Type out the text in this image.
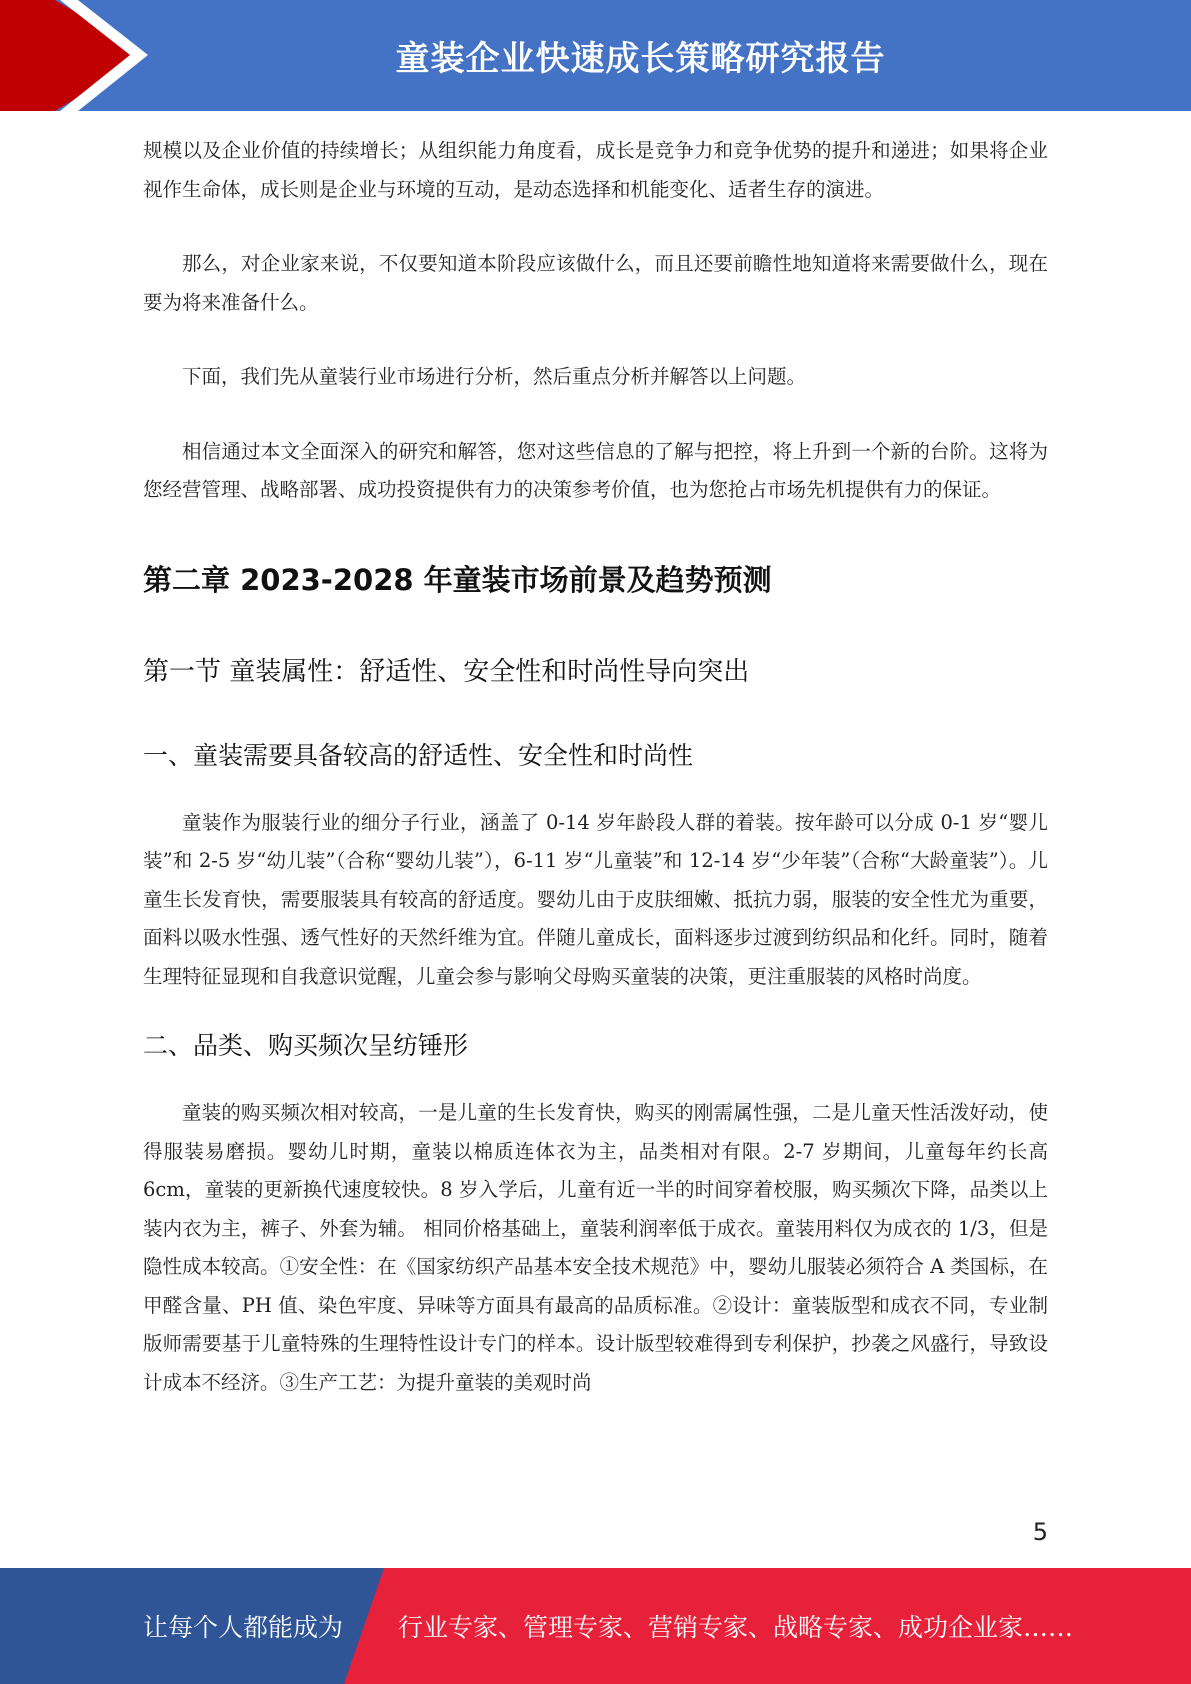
童装企业快速成长策略研究报告

规模以及企业价值的持续增长；从组织能力角度看，成长是竞争力和竞争优势的提升和递进；如果将企业视作生命体，成长则是企业与环境的互动，是动态选择和机能变化、适者生存的演进。

那么，对企业家来说，不仅要知道本阶段应该做什么，而且还要前瞻性地知道将来需要做什么，现在要为将来准备什么。

下面，我们先从童装行业市场进行分析，然后重点分析并解答以上问题。

相信通过本文全面深入的研究和解答，您对这些信息的了解与把控，将上升到一个新的台阶。这将为您经营管理、战略部署、成功投资提供有力的决策参考价值，也为您抢占市场先机提供有力的保证。

第二章 2023-2028 年童装市场前景及趋势预测
第一节 童装属性：舒适性、安全性和时尚性导向突出
一、童装需要具备较高的舒适性、安全性和时尚性

童装作为服装行业的细分子行业，涵盖了 0-14 岁年龄段人群的着装。按年龄可以分成 0-1 岁“婴儿装”和 2-5 岁“幼儿装”（合称“婴幼儿装”），6-11 岁“儿童装”和 12-14 岁“少年装”（合称“大龄童装”）。儿童生长发育快，需要服装具有较高的舒适度。婴幼儿由于皮肤细嫩、抵抗力弱，服装的安全性尤为重要，面料以吸水性强、透气性好的天然纤维为宜。伴随儿童成长，面料逐步过渡到纺织品和化纤。同时，随着生理特征显现和自我意识觉醒，儿童会参与影响父母购买童装的决策，更注重服装的风格时尚度。

二、品类、购买频次呈纺锤形

童装的购买频次相对较高，一是儿童的生长发育快，购买的刚需属性强，二是儿童天性活泼好动，使得服装易磨损。婴幼儿时期，童装以棉质连体衣为主，品类相对有限。2-7 岁期间，儿童每年约长高 6cm，童装的更新换代速度较快。8 岁入学后，儿童有近一半的时间穿着校服，购买频次下降，品类以上装内衣为主，裤子、外套为辅。 相同价格基础上，童装利润率低于成衣。童装用料仅为成衣的 1/3，但是隐性成本较高。①安全性：在《国家纺织产品基本安全技术规范》中，婴幼儿服装必须符合 A 类国标，在甲醛含量、PH 值、染色牢度、异味等方面具有最高的品质标准。②设计：童装版型和成衣不同，专业制版师需要基于儿童特殊的生理特性设计专门的样本。设计版型较难得到专利保护，抄袭之风盛行，导致设计成本不经济。③生产工艺：为提升童装的美观时尚

5
让每个人都能成为 行业专家、管理专家、营销专家、战略专家、成功企业家……
